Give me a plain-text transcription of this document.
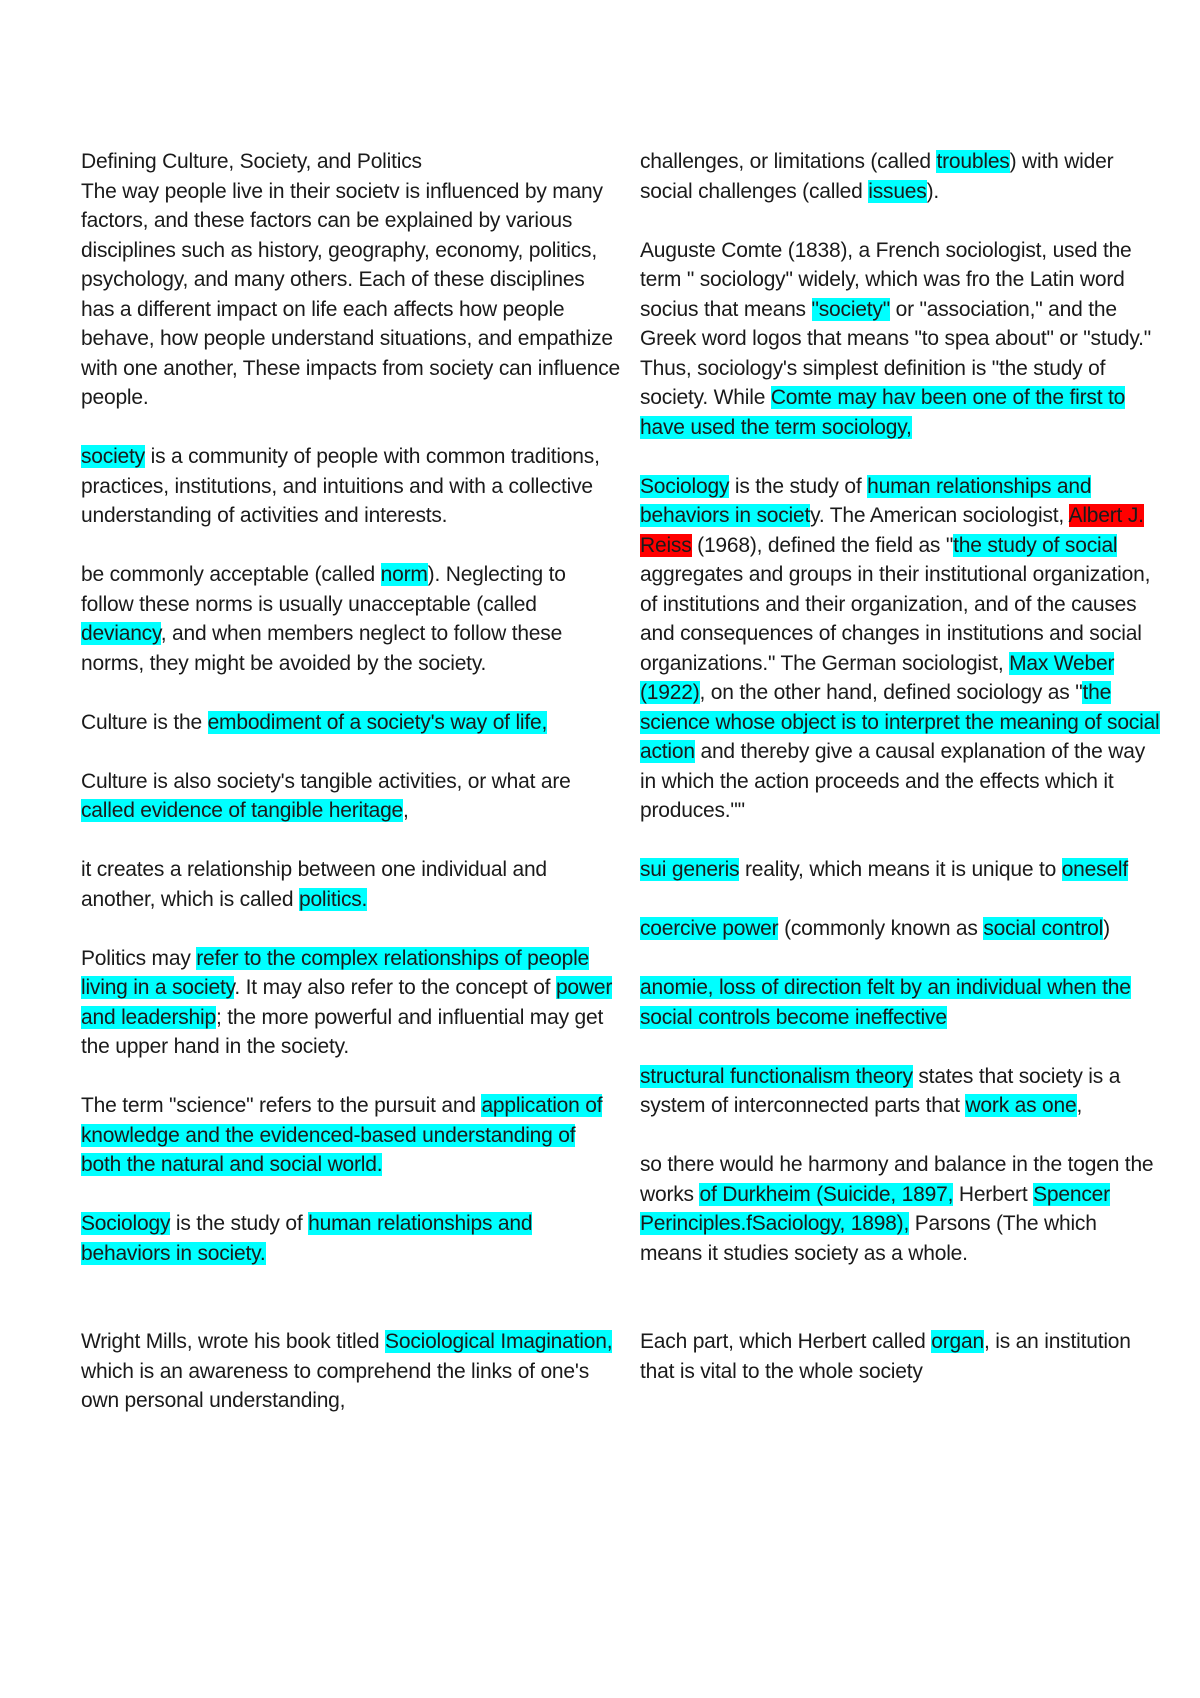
Defining Culture, Society, and Politics

The way people live in their societv is influenced by many factors, and these factors can be explained by various disciplines such as history, geography, economy, politics, psychology, and many others. Each of these disciplines has a different impact on life each affects how people behave, how people understand situations, and empathize with one another, These impacts from society can influence people.

society is a community of people with common traditions, practices, institutions, and intuitions and with a collective understanding of activities and interests.

be commonly acceptable (called norm). Neglecting to follow these norms is usually unacceptable (called deviancy, and when members neglect to follow these norms, they might be avoided by the society.

Culture is the embodiment of a society's way of life,

Culture is also society's tangible activities, or what are called evidence of tangible heritage,

it creates a relationship between one individual and another, which is called politics.

Politics may refer to the complex relationships of people living in a society. It may also refer to the concept of power and leadership; the more powerful and influential may get the upper hand in the society.

The term "science" refers to the pursuit and application of knowledge and the evidenced-based understanding of both the natural and social world.

Sociology is the study of human relationships and behaviors in society.

Wright Mills, wrote his book titled Sociological Imagination, which is an awareness to comprehend the links of one's own personal understanding,

challenges, or limitations (called troubles) with wider social challenges (called issues).

Auguste Comte (1838), a French sociologist, used the term " sociology" widely, which was fro the Latin word socius that means "society" or "association," and the Greek word logos that means "to spea about" or "study." Thus, sociology's simplest definition is "the study of society. While Comte may hav been one of the first to have used the term sociology,

Sociology is the study of human relationships and behaviors in society. The American sociologist, Albert J. Reiss (1968), defined the field as "the study of social aggregates and groups in their institutional organization, of institutions and their organization, and of the causes and consequences of changes in institutions and social organizations." The German sociologist, Max Weber (1922), on the other hand, defined sociology as "the science whose object is to interpret the meaning of social action and thereby give a causal explanation of the way in which the action proceeds and the effects which it produces.""

sui generis reality, which means it is unique to oneself

coercive power (commonly known as social control)

anomie, loss of direction felt by an individual when the social controls become ineffective

structural functionalism theory states that society is a system of interconnected parts that work as one,

so there would he harmony and balance in the togen the works of Durkheim (Suicide, 1897, Herbert Spencer Perinciples.fSaciology, 1898), Parsons (The which means it studies society as a whole.

Each part, which Herbert called organ, is an institution that is vital to the whole society
